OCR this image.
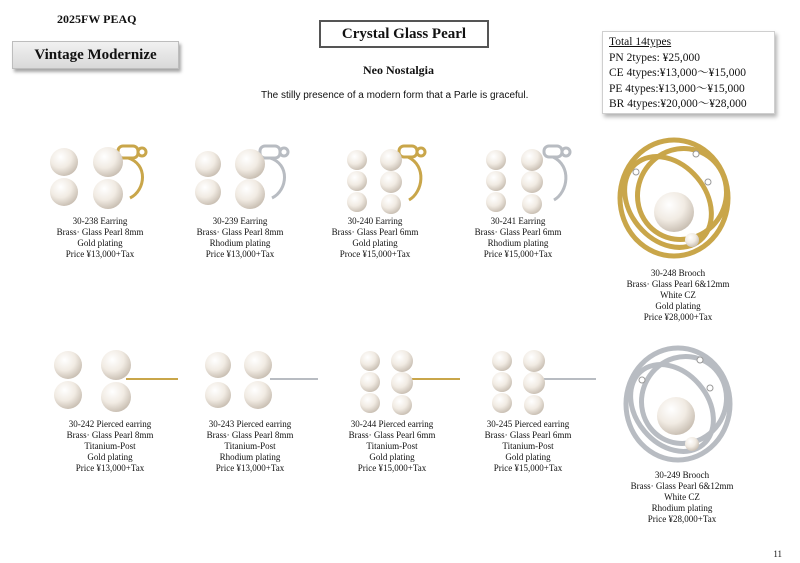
2025FW PEAQ
Vintage Modernize
Crystal Glass Pearl
Neo Nostalgia
The stilly presence of a modern form that a Parle is graceful.
Total 14types
PN 2types: ¥25,000
CE 4types:¥13,000〜¥15,000
PE 4types:¥13,000〜¥15,000
BR 4types:¥20,000〜¥28,000
30-238 Earring
Brass· Glass Pearl 8mm
Gold plating
Price ¥13,000+Tax
30-239 Earring
Brass· Glass Pearl 8mm
Rhodium plating
Price ¥13,000+Tax
30-240 Earring
Brass· Glass Pearl 6mm
Gold plating
Proce ¥15,000+Tax
30-241 Earring
Brass· Glass Pearl 6mm
Rhodium plating
Price ¥15,000+Tax
30-248 Brooch
Brass· Glass Pearl 6&12mm
White CZ
Gold plating
Price ¥28,000+Tax
30-242 Pierced earring
Brass· Glass Pearl 8mm
Titanium-Post
Gold plating
Price ¥13,000+Tax
30-243 Pierced earring
Brass· Glass Pearl 8mm
Titanium-Post
Rhodium plating
Price ¥13,000+Tax
30-244 Pierced earring
Brass· Glass Pearl 6mm
Titanium-Post
Gold plating
Price ¥15,000+Tax
30-245 Pierced earring
Brass· Glass Pearl 6mm
Titanium-Post
Gold plating
Price ¥15,000+Tax
30-249 Brooch
Brass· Glass Pearl 6&12mm
White CZ
Rhodium plating
Price ¥28,000+Tax
11
